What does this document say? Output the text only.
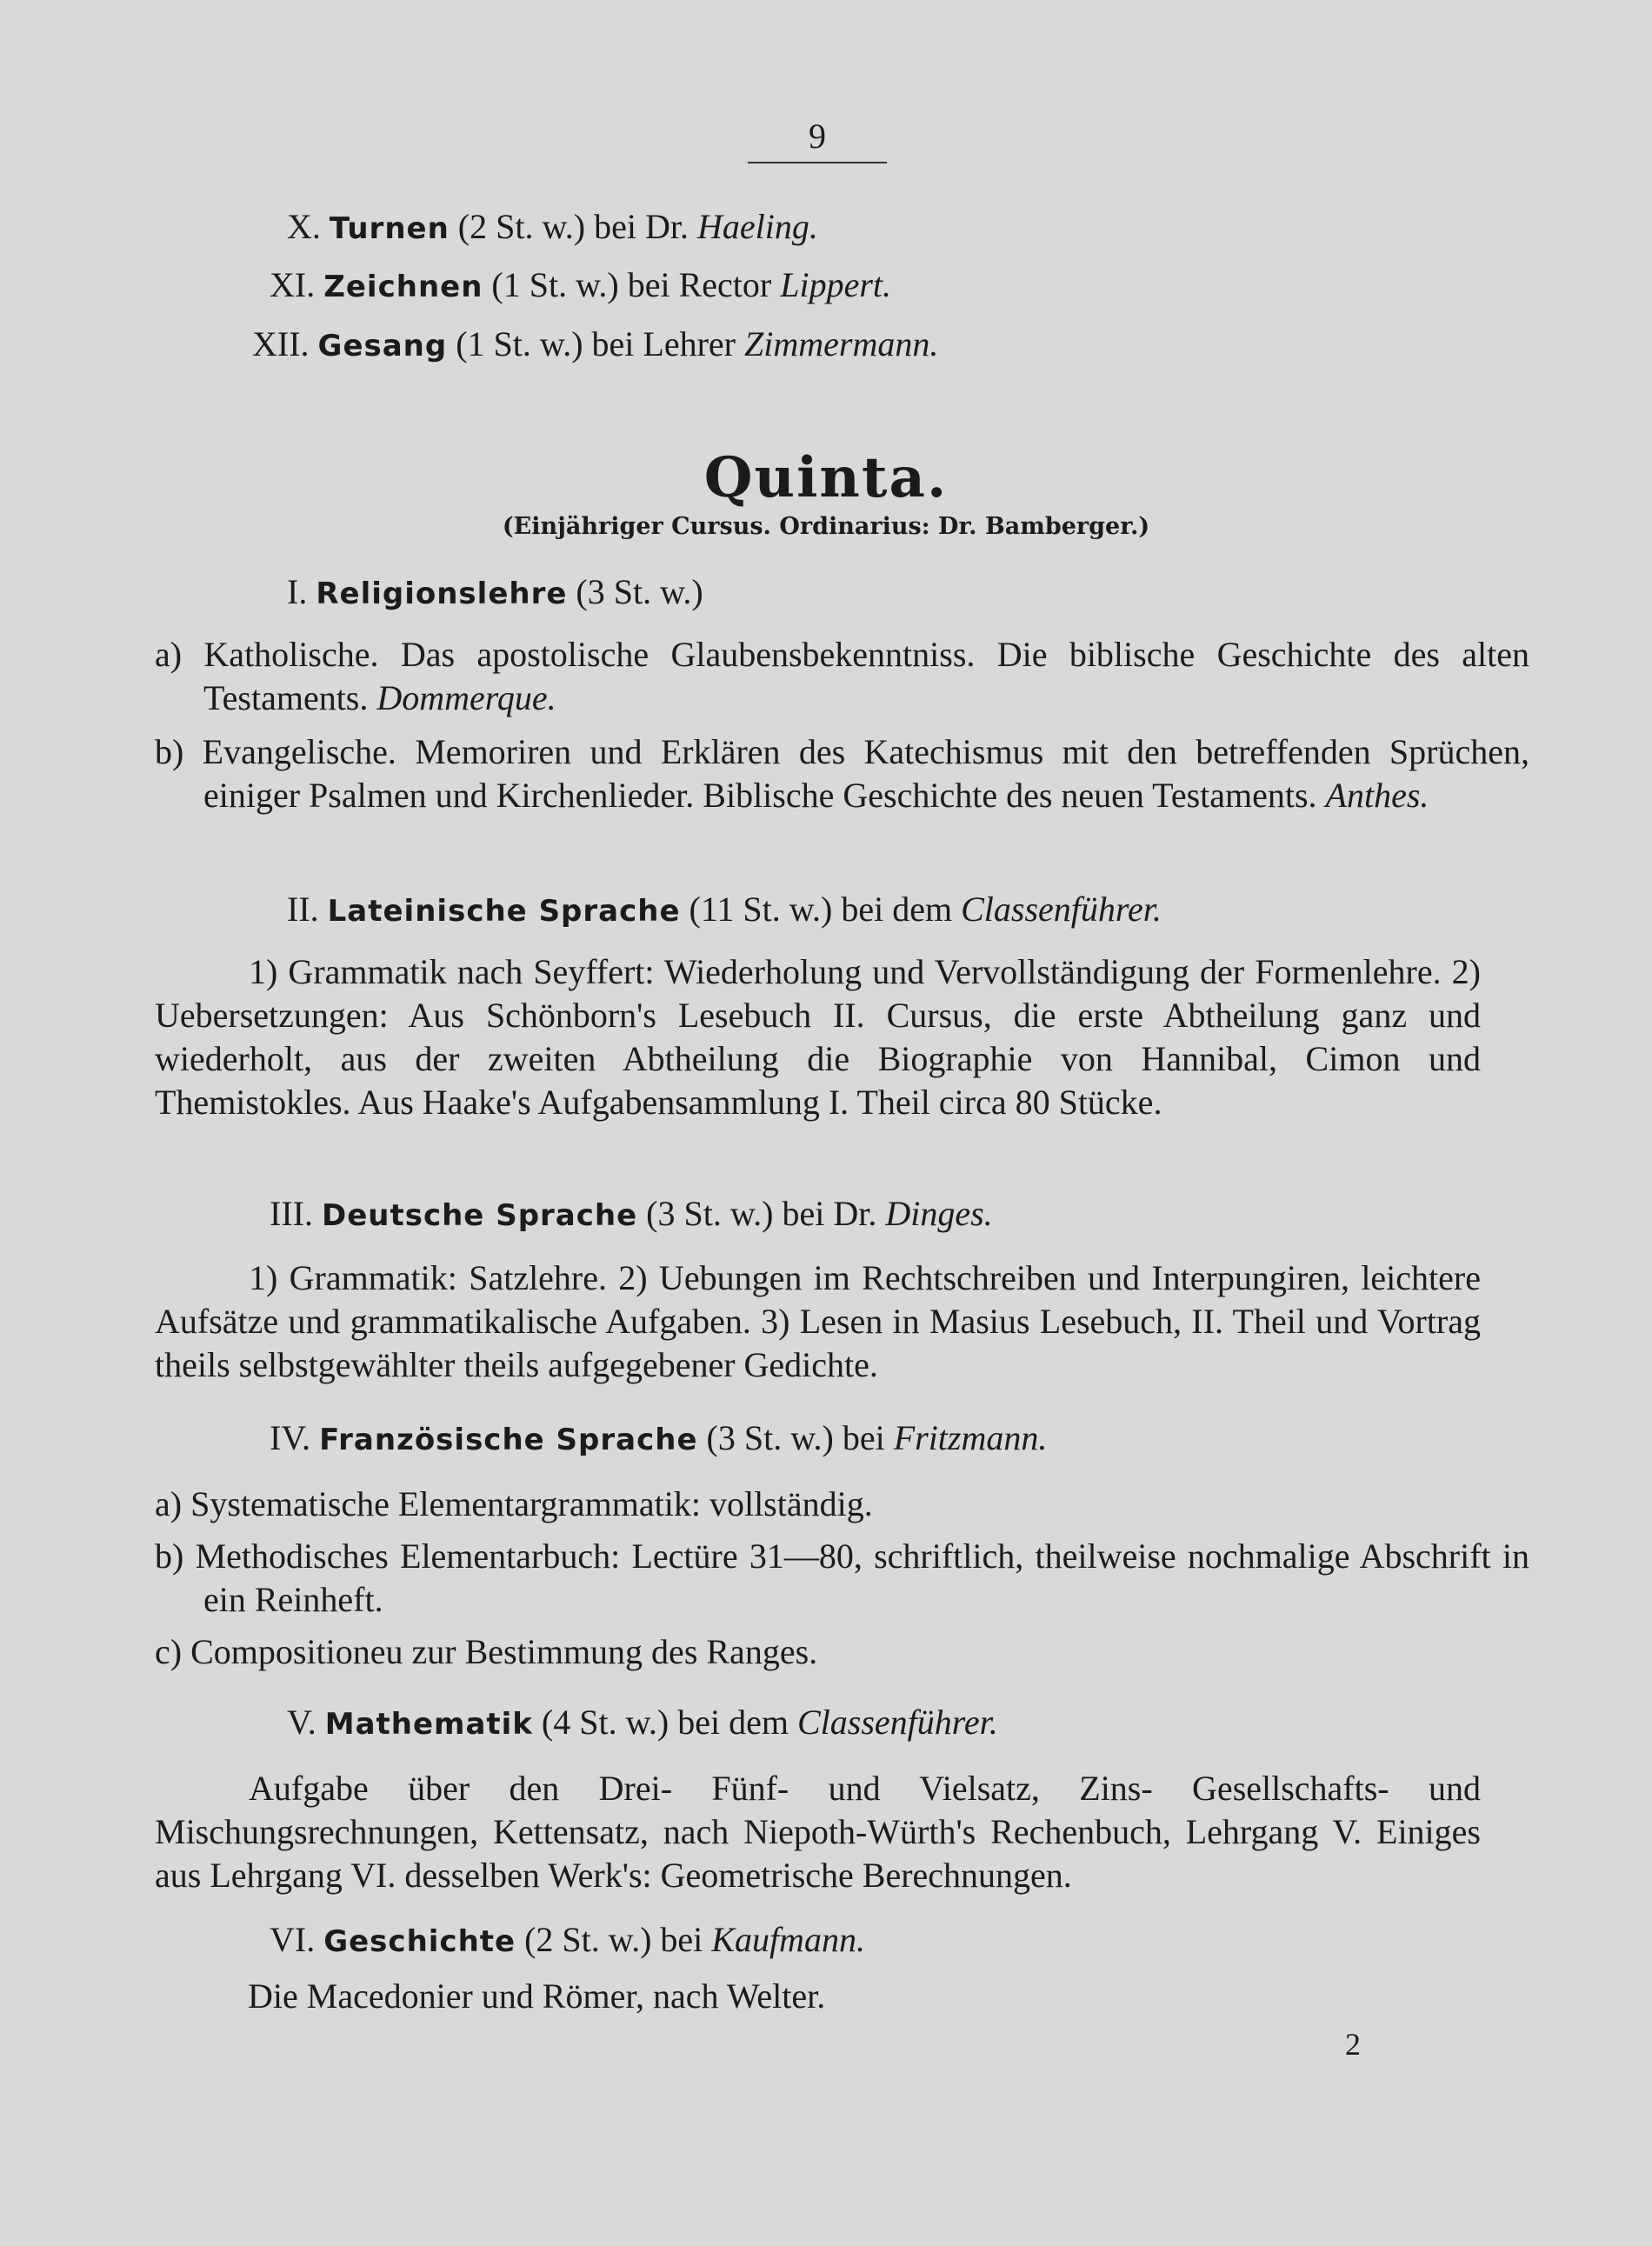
9
X. Turnen (2 St. w.) bei Dr. Haeling.
XI. Zeichnen (1 St. w.) bei Rector Lippert.
XII. Gesang (1 St. w.) bei Lehrer Zimmermann.
Quinta.
(Einjähriger Cursus. Ordinarius: Dr. Bamberger.)
I. Religionslehre (3 St. w.)
a) Katholische. Das apostolische Glaubensbekenntniss. Die biblische Geschichte des alten Testaments. Dommerque.
b) Evangelische. Memoriren und Erklären des Katechismus mit den betreffenden Sprüchen, einiger Psalmen und Kirchenlieder. Biblische Geschichte des neuen Testaments. Anthes.
II. Lateinische Sprache (11 St. w.) bei dem Classenführer.
1) Grammatik nach Seyffert: Wiederholung und Vervollständigung der Formenlehre. 2) Uebersetzungen: Aus Schönborn's Lesebuch II. Cursus, die erste Abtheilung ganz und wiederholt, aus der zweiten Abtheilung die Biographie von Hannibal, Cimon und Themistokles. Aus Haake's Aufgabensammlung I. Theil circa 80 Stücke.
III. Deutsche Sprache (3 St. w.) bei Dr. Dinges.
1) Grammatik: Satzlehre. 2) Uebungen im Rechtschreiben und Interpungiren, leichtere Aufsätze und grammatikalische Aufgaben. 3) Lesen in Masius Lesebuch, II. Theil und Vortrag theils selbstgewählter theils aufgegebener Gedichte.
IV. Französische Sprache (3 St. w.) bei Fritzmann.
a) Systematische Elementargrammatik: vollständig.
b) Methodisches Elementarbuch: Lectüre 31—80, schriftlich, theilweise nochmalige Abschrift in ein Reinheft.
c) Compositioneu zur Bestimmung des Ranges.
V. Mathematik (4 St. w.) bei dem Classenführer.
Aufgabe über den Drei- Fünf- und Vielsatz, Zins- Gesellschafts- und Mischungsrechnungen, Kettensatz, nach Niepoth-Würth's Rechenbuch, Lehrgang V. Einiges aus Lehrgang VI. desselben Werk's: Geometrische Berechnungen.
VI. Geschichte (2 St. w.) bei Kaufmann.
Die Macedonier und Römer, nach Welter.
2
